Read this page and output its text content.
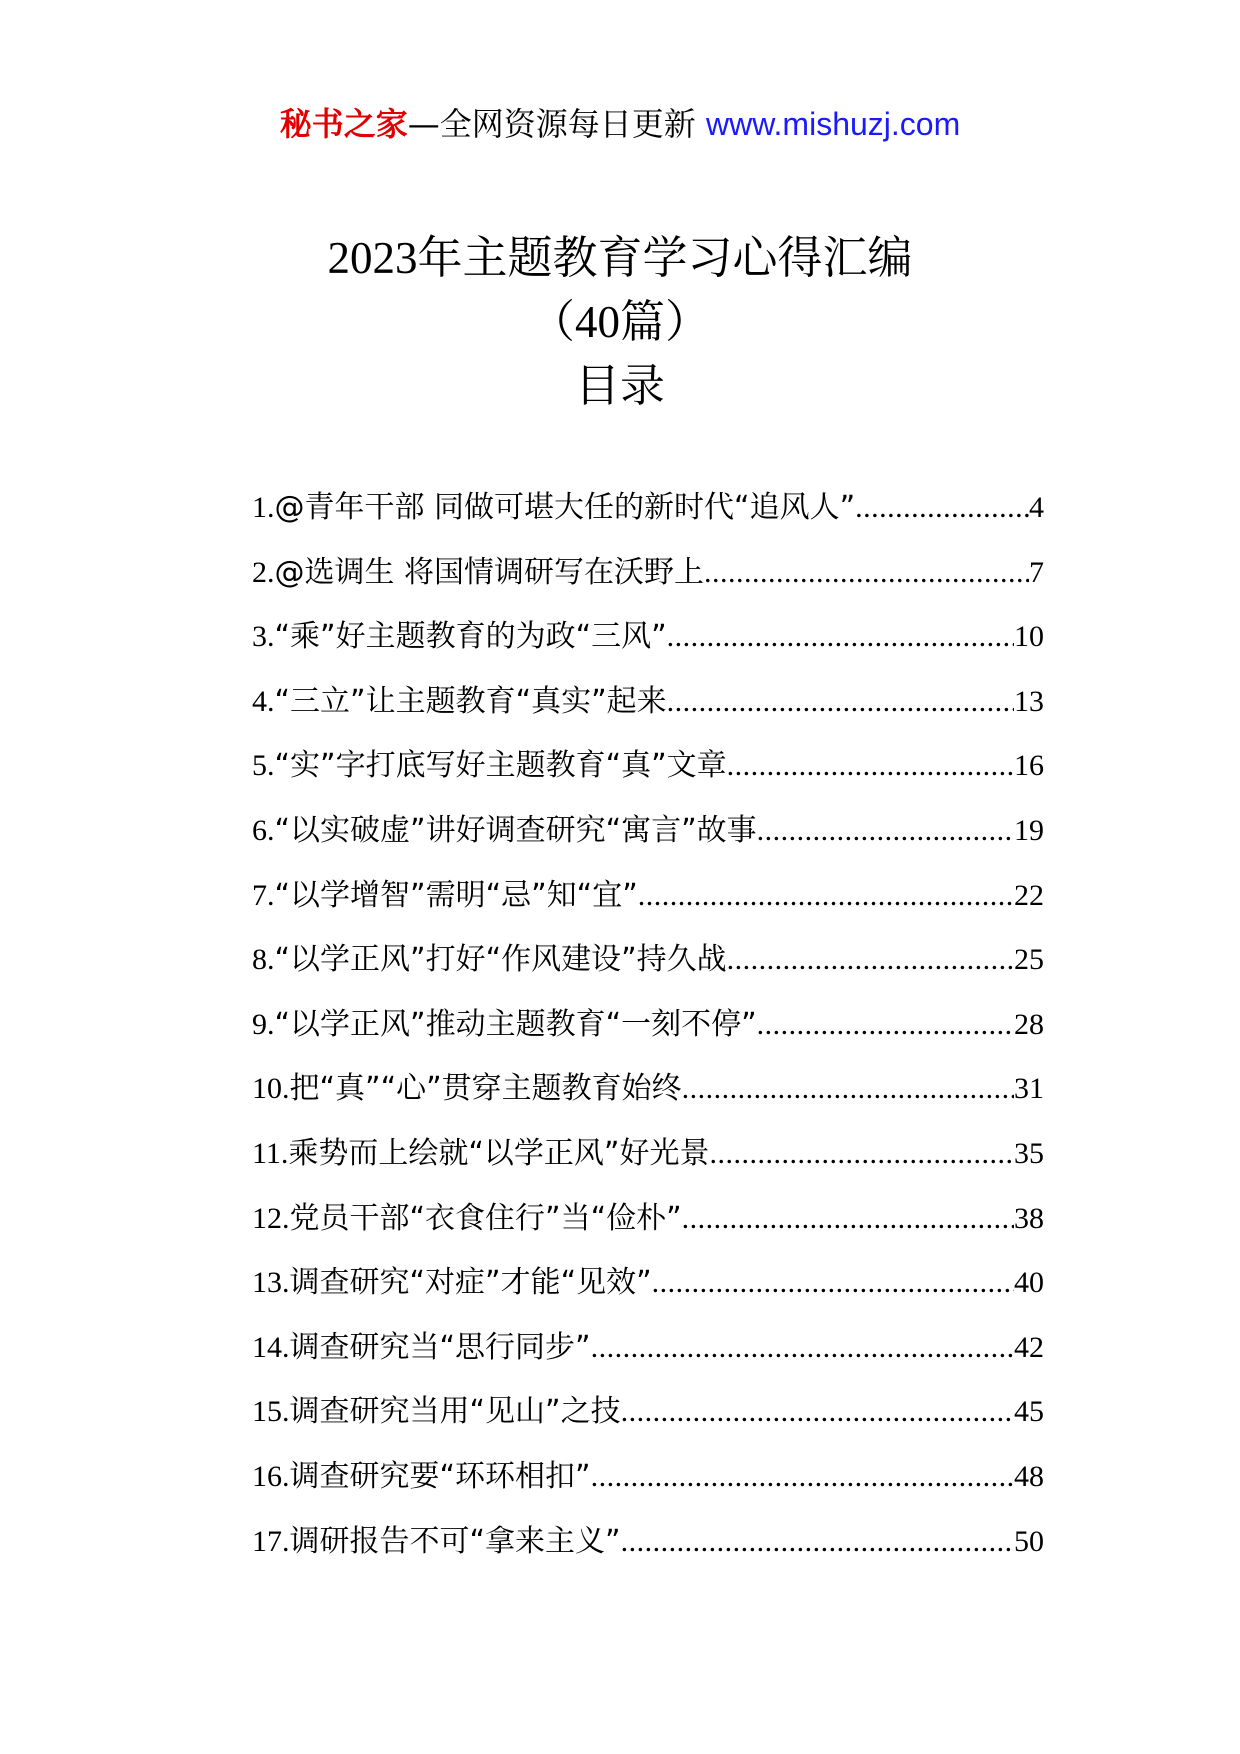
秘书之家—全网资源每日更新 www.mishuzj.com
2023年主题教育学习心得汇编
（40篇）
目录
1. @青年干部 同做可堪大任的新时代“追风人” .....	4
2. @选调生 将国情调研写在沃野上 .....	7
3. “乘”好主题教育的为政“三风” .....	10
4. “三立”让主题教育“真实”起来 .....	13
5. “实”字打底写好主题教育“真”文章 .....	16
6. “以实破虚”讲好调查研究“寓言”故事 .....	19
7. “以学增智”需明“忌”知“宜” .....	22
8. “以学正风”打好“作风建设”持久战 .....	25
9. “以学正风”推动主题教育“一刻不停” .....	28
10. 把“真”“心”贯穿主题教育始终 .....	31
11. 乘势而上绘就“以学正风”好光景 .....	35
12. 党员干部“衣食住行”当“俭朴” .....	38
13. 调查研究“对症”才能“见效” .....	40
14. 调查研究当“思行同步” .....	42
15. 调查研究当用“见山”之技 .....	45
16. 调查研究要“环环相扣” .....	48
17. 调研报告不可“拿来主义” .....	50
